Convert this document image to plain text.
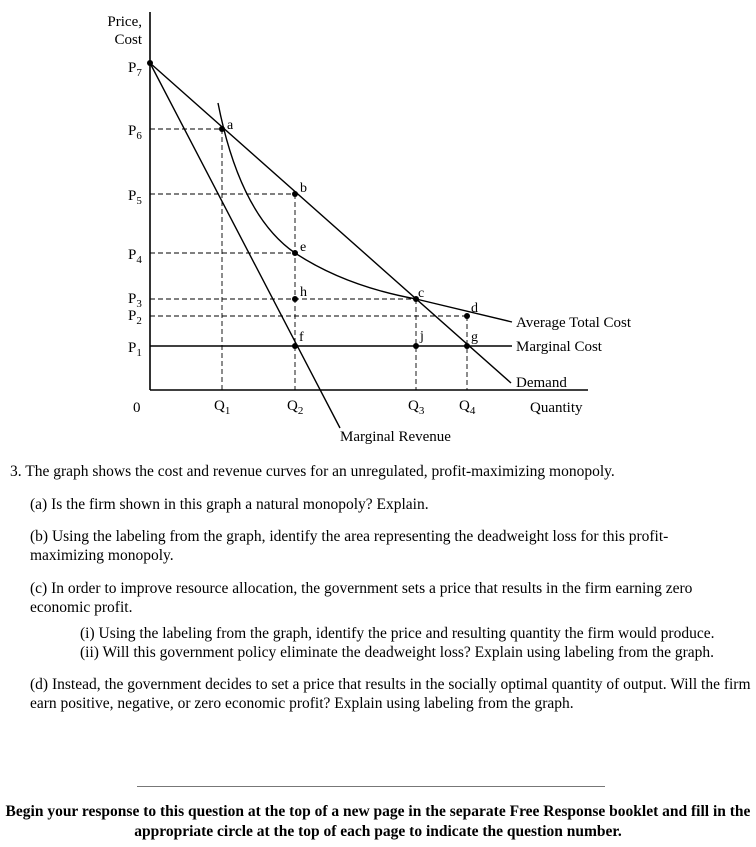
Price,
Cost
Quantity
0
$P_7$
$P_6$
$P_5$
$P_4$
$P_3$
$P_2$
$P_1$
$Q_1$	$Q_2$	$Q_3$ $Q_4$
a
b
e
h	c
d
j	g
f
Average Total Cost
Marginal Cost
Demand
Marginal Revenue

3. The graph shows the cost and revenue curves for an unregulated, profit-maximizing monopoly.

(a) Is the firm shown in this graph a natural monopoly? Explain.

(b) Using the labeling from the graph, identify the area representing the deadweight loss for this profit-maximizing monopoly.

(c) In order to improve resource allocation, the government sets a price that results in the firm earning zero economic profit.

(i) Using the labeling from the graph, identify the price and resulting quantity the firm would produce.

(ii) Will this government policy eliminate the deadweight loss? Explain using labeling from the graph.

(d) Instead, the government decides to set a price that results in the socially optimal quantity of output. Will the firm earn positive, negative, or zero economic profit? Explain using labeling from the graph.

Begin your response to this question at the top of a new page in the separate Free Response booklet and fill in the appropriate circle at the top of each page to indicate the question number.
